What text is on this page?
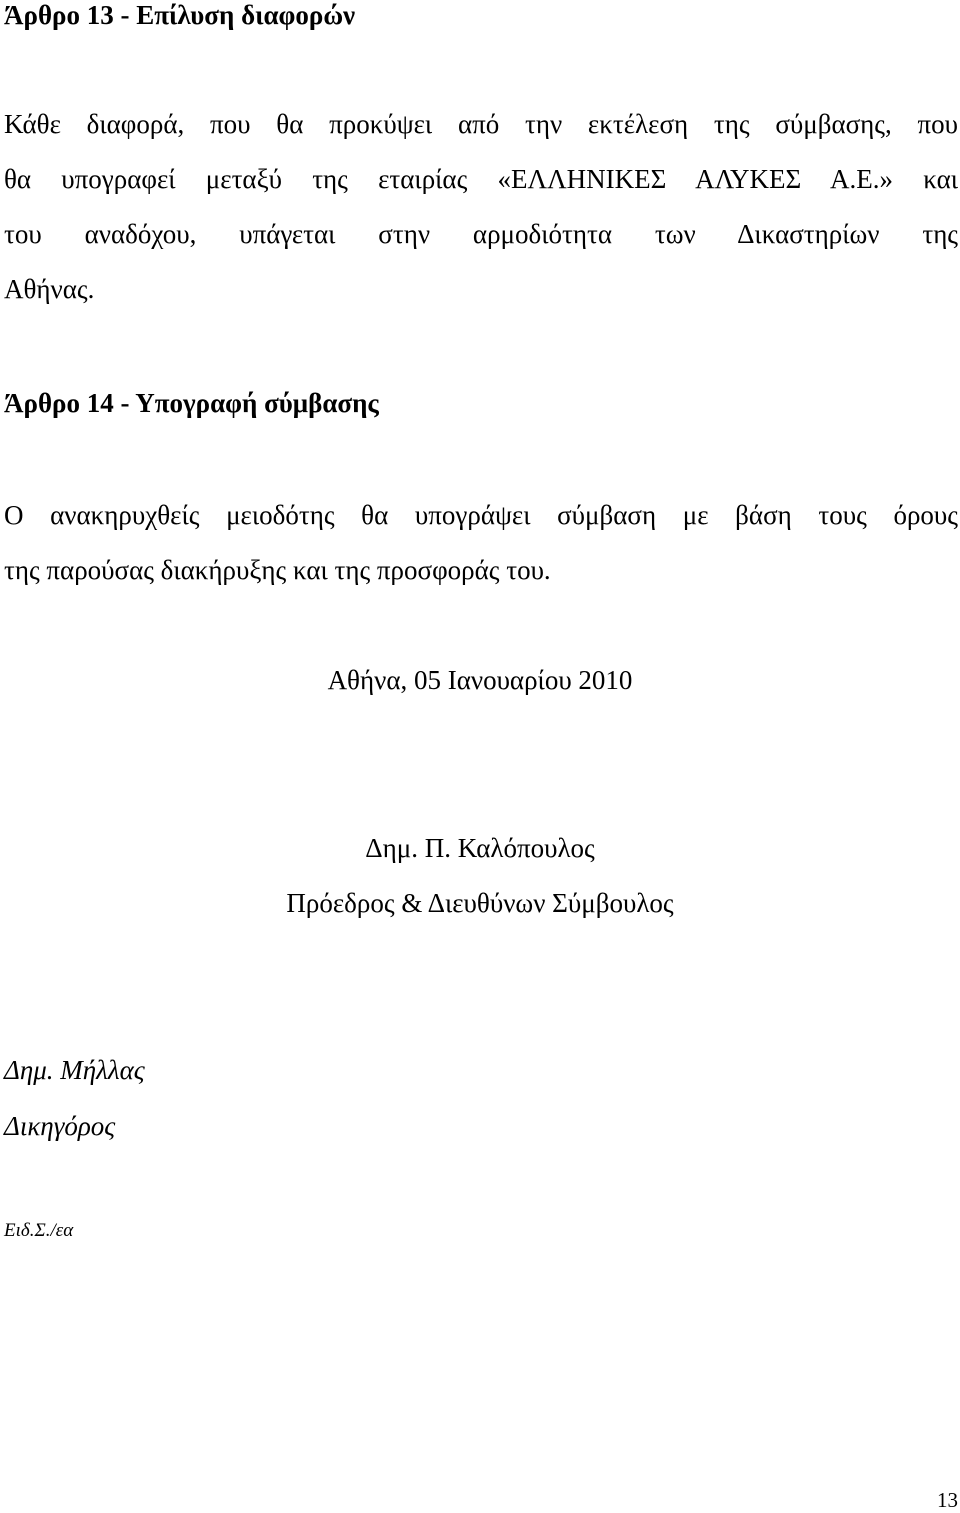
Άρθρο 13 - Επίλυση διαφορών
Κάθε διαφορά, που θα προκύψει από την εκτέλεση της σύμβασης, που
θα υπογραφεί μεταξύ της εταιρίας «ΕΛΛΗΝΙΚΕΣ ΑΛΥΚΕΣ Α.Ε.» και
του αναδόχου, υπάγεται στην αρμοδιότητα των Δικαστηρίων της
Αθήνας.
Άρθρο 14 - Υπογραφή σύμβασης
Ο ανακηρυχθείς μειοδότης θα υπογράψει σύμβαση με βάση τους όρους
της παρούσας διακήρυξης και της προσφοράς του.
Αθήνα, 05 Ιανουαρίου 2010
Δημ. Π. Καλόπουλος
Πρόεδρος & Διευθύνων Σύμβουλος
Δημ. Μήλλας
Δικηγόρος
Ειδ.Σ./εα
13
